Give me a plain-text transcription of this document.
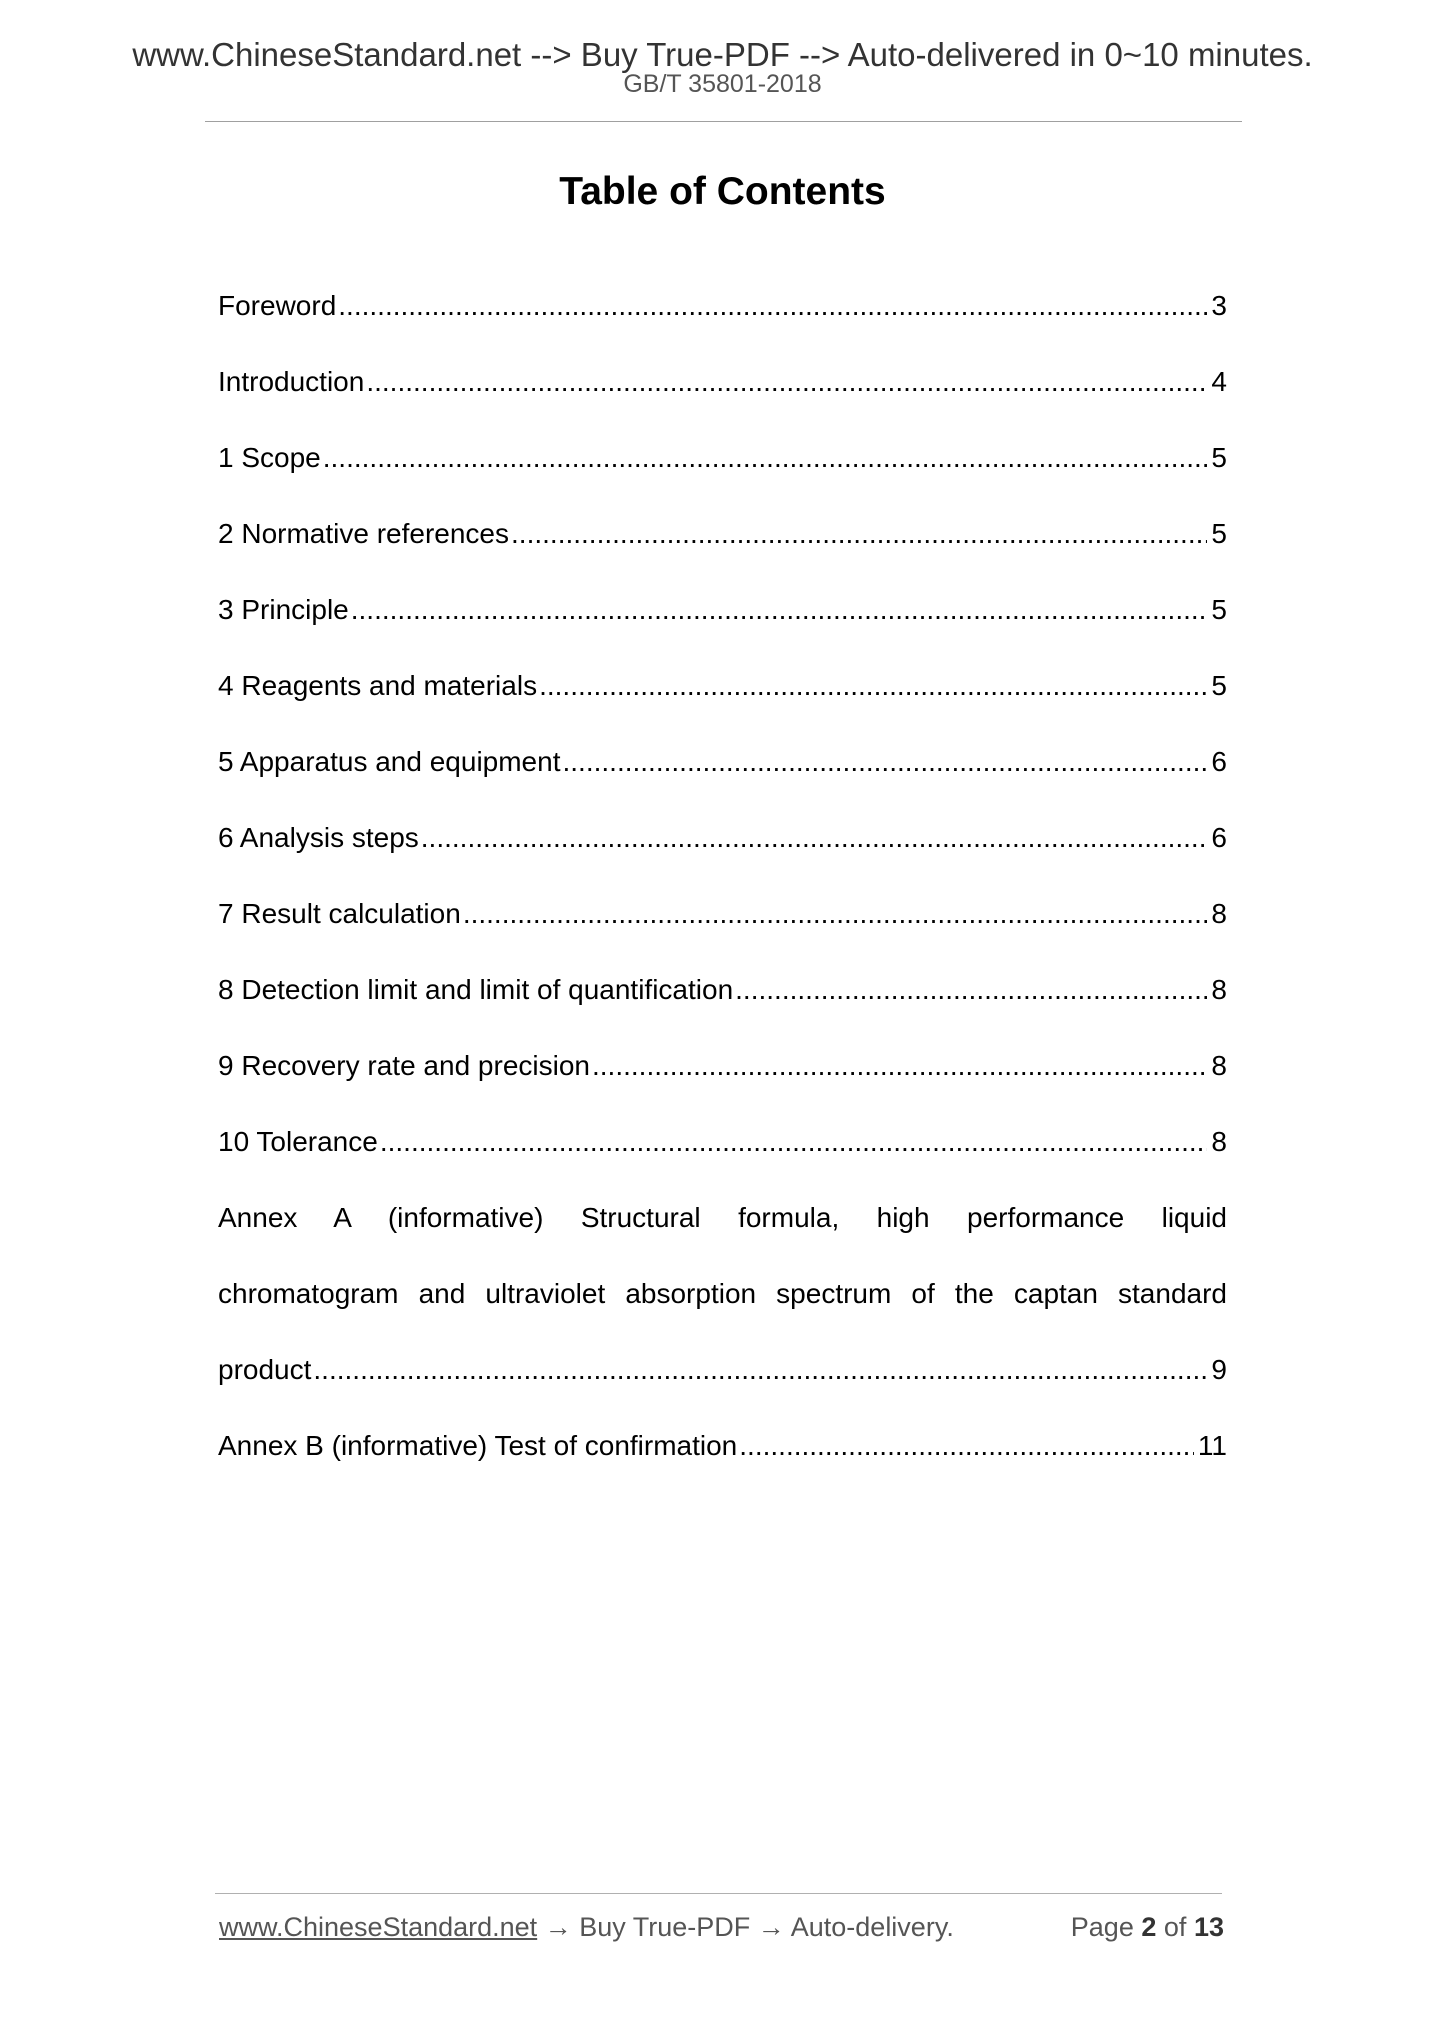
www.ChineseStandard.net --> Buy True-PDF --> Auto-delivered in 0~10 minutes.
GB/T 35801-2018
Table of Contents
Foreword .....	3
Introduction .....	4
1 Scope .....	5
2 Normative references .....	5
3 Principle .....	5
4 Reagents and materials .....	5
5 Apparatus and equipment .....	6
6 Analysis steps .....	6
7 Result calculation .....	8
8 Detection limit and limit of quantification .....	8
9 Recovery rate and precision .....	8
10 Tolerance .....	8
Annex A (informative) Structural formula, high performance liquid
chromatogram and ultraviolet absorption spectrum of the captan standard
product .....	9
Annex B (informative) Test of confirmation .....	11
www.ChineseStandard.net → Buy True-PDF → Auto-delivery.	Page 2 of 13
